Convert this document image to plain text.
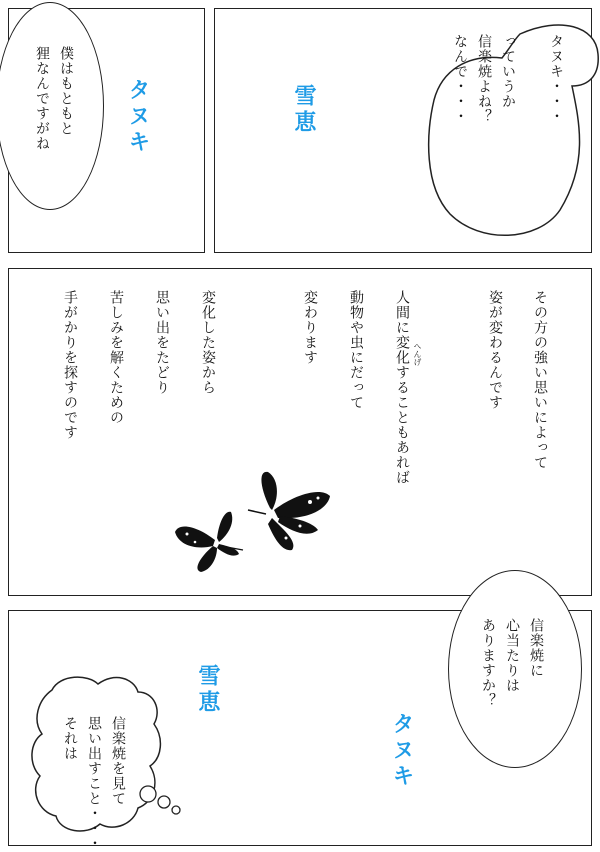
僕はもともと
狸なんですがね	タヌキ	雪恵	タヌキ・・・

っていうか
信楽焼よね？
なんで・・・
その方の強い思いによって
姿が変わるんです
人間に変化することもあれば へんげ
動物や虫にだって
変わります
変化した姿から
思い出をたどり
苦しみを解くための
手がかりを探すのです
信楽焼に
心当たりは
ありますか？
タヌキ
雪恵
信楽焼を見て
思い出すこと・・・
それは
